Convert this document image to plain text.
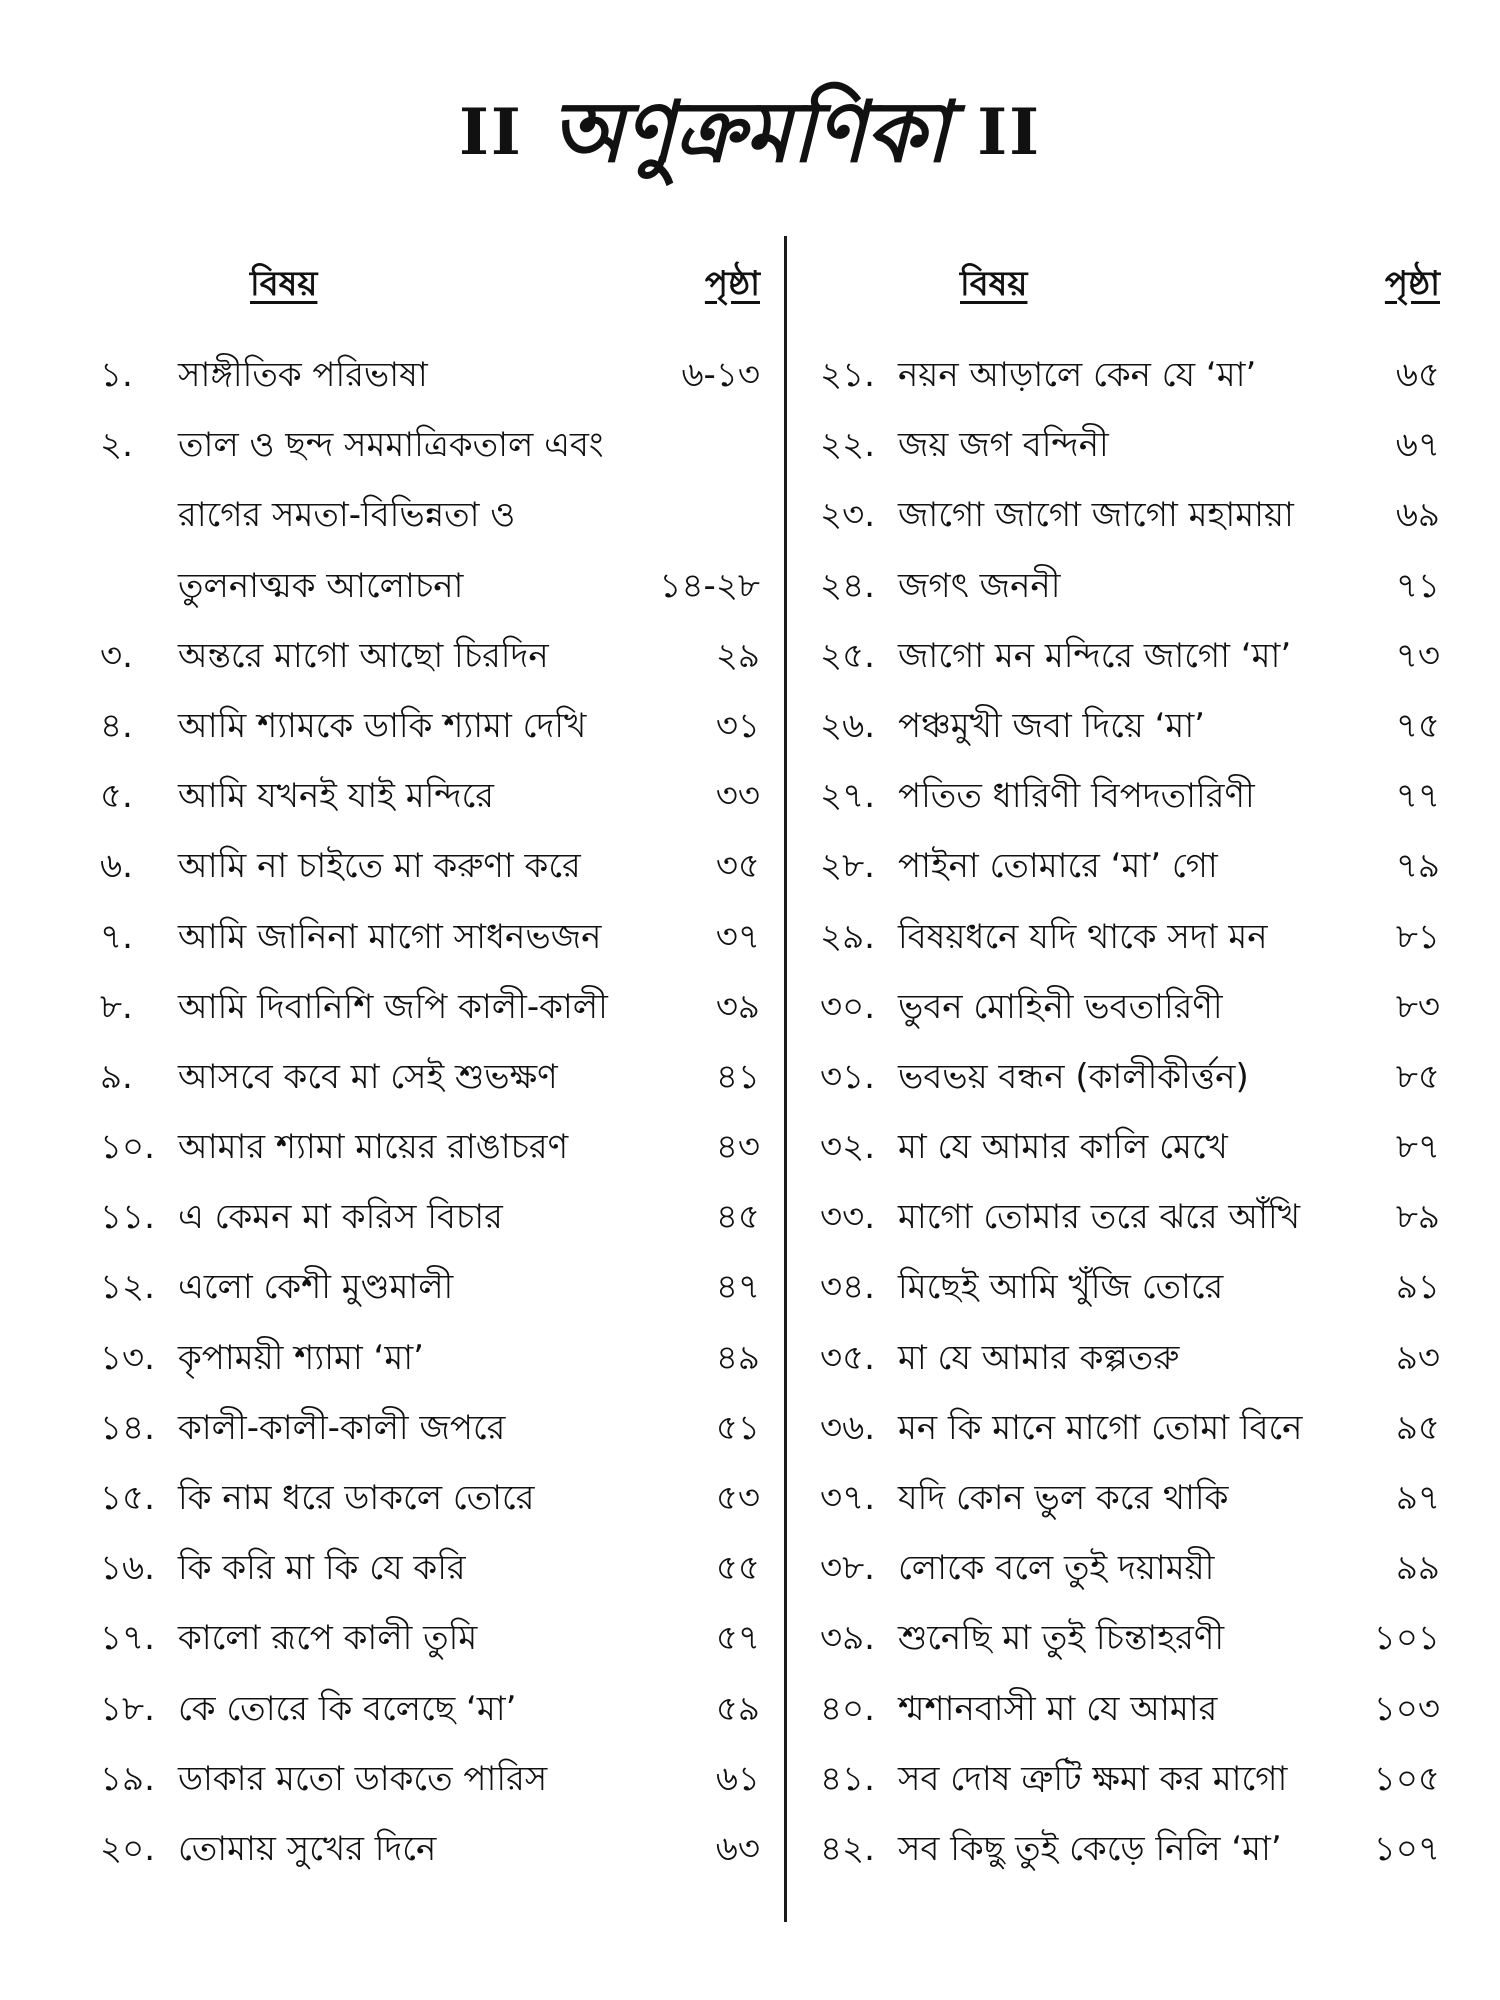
II অণুক্রমণিকা II
বিষয়	পৃষ্ঠা
১.	সাঙ্গীতিক পরিভাষা	৬-১৩
২.	তাল ও ছন্দ সমমাত্রিকতাল এবং
রাগের সমতা-বিভিন্নতা ও
তুলনাত্মক আলোচনা	১৪-২৮
৩.	অন্তরে মাগো আছো চিরদিন	২৯
৪.	আমি শ্যামকে ডাকি শ্যামা দেখি	৩১
৫.	আমি যখনই যাই মন্দিরে	৩৩
৬.	আমি না চাইতে মা করুণা করে	৩৫
৭.	আমি জানিনা মাগো সাধনভজন	৩৭
৮.	আমি দিবানিশি জপি কালী-কালী	৩৯
৯.	আসবে কবে মা সেই শুভক্ষণ	৪১
১০. আমার শ্যামা মায়ের রাঙাচরণ	৪৩
১১. এ কেমন মা করিস বিচার	৪৫
১২. এলো কেশী মুণ্ডমালী	৪৭
১৩. কৃপাময়ী শ্যামা ‘মা’	৪৯
১৪. কালী-কালী-কালী জপরে	৫১
১৫. কি নাম ধরে ডাকলে তোরে	৫৩
১৬. কি করি মা কি যে করি	৫৫
১৭. কালো রূপে কালী তুমি	৫৭
১৮. কে তোরে কি বলেছে ‘মা’	৫৯
১৯. ডাকার মতো ডাকতে পারিস	৬১
২০. তোমায় সুখের দিনে	৬৩
বিষয়	পৃষ্ঠা
২১. নয়ন আড়ালে কেন যে ‘মা’	৬৫
২২. জয় জগ বন্দিনী	৬৭
২৩. জাগো জাগো জাগো মহামায়া	৬৯
২৪. জগৎ জননী	৭১
২৫. জাগো মন মন্দিরে জাগো ‘মা’	৭৩
২৬. পঞ্চমুখী জবা দিয়ে ‘মা’	৭৫
২৭. পতিত ধারিণী বিপদতারিণী	৭৭
২৮. পাইনা তোমারে ‘মা’ গো	৭৯
২৯. বিষয়ধনে যদি থাকে সদা মন	৮১
৩০. ভুবন মোহিনী ভবতারিণী	৮৩
৩১. ভবভয় বন্ধন (কালীকীর্ত্তন)	৮৫
৩২. মা যে আমার কালি মেখে	৮৭
৩৩. মাগো তোমার তরে ঝরে আঁখি	৮৯
৩৪. মিছেই আমি খুঁজি তোরে	৯১
৩৫. মা যে আমার কল্পতরু	৯৩
৩৬. মন কি মানে মাগো তোমা বিনে	৯৫
৩৭. যদি কোন ভুল করে থাকি	৯৭
৩৮. লোকে বলে তুই দয়াময়ী	৯৯
৩৯. শুনেছি মা তুই চিন্তাহরণী	১০১
৪০. শ্মশানবাসী মা যে আমার	১০৩
৪১. সব দোষ ত্রুটি ক্ষমা কর মাগো	১০৫
৪২. সব কিছু তুই কেড়ে নিলি ‘মা’	১০৭
